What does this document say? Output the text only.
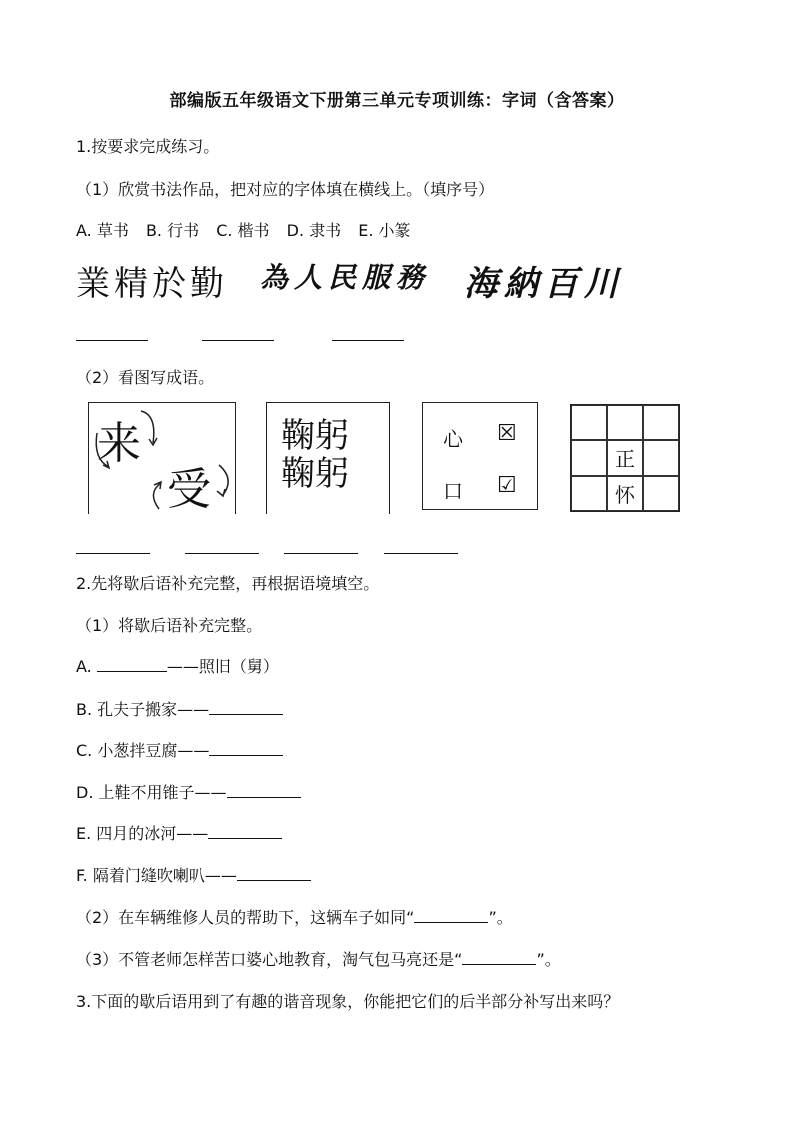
部编版五年级语文下册第三单元专项训练：字词（含答案）
1.按要求完成练习。
（1）欣赏书法作品，把对应的字体填在横线上。（填序号）
A. 草书 B. 行书 C. 楷书 D. 隶书 E. 小篆
業精於勤 為人民服務 海納百川
（2）看图写成语。
来
受
鞠躬
鞠躬
心 ☒
口 ☑
正
怀
2.先将歇后语补充完整，再根据语境填空。
（1）将歇后语补充完整。
A.	——照旧（舅）
B. 孔夫子搬家——
C. 小葱拌豆腐——
D. 上鞋不用锥子——
E. 四月的冰河——
F. 隔着门缝吹喇叭——
（2）在车辆维修人员的帮助下，这辆车子如同“	”。
（3）不管老师怎样苦口婆心地教育，淘气包马亮还是“	”。
3.下面的歇后语用到了有趣的谐音现象，你能把它们的后半部分补写出来吗？
